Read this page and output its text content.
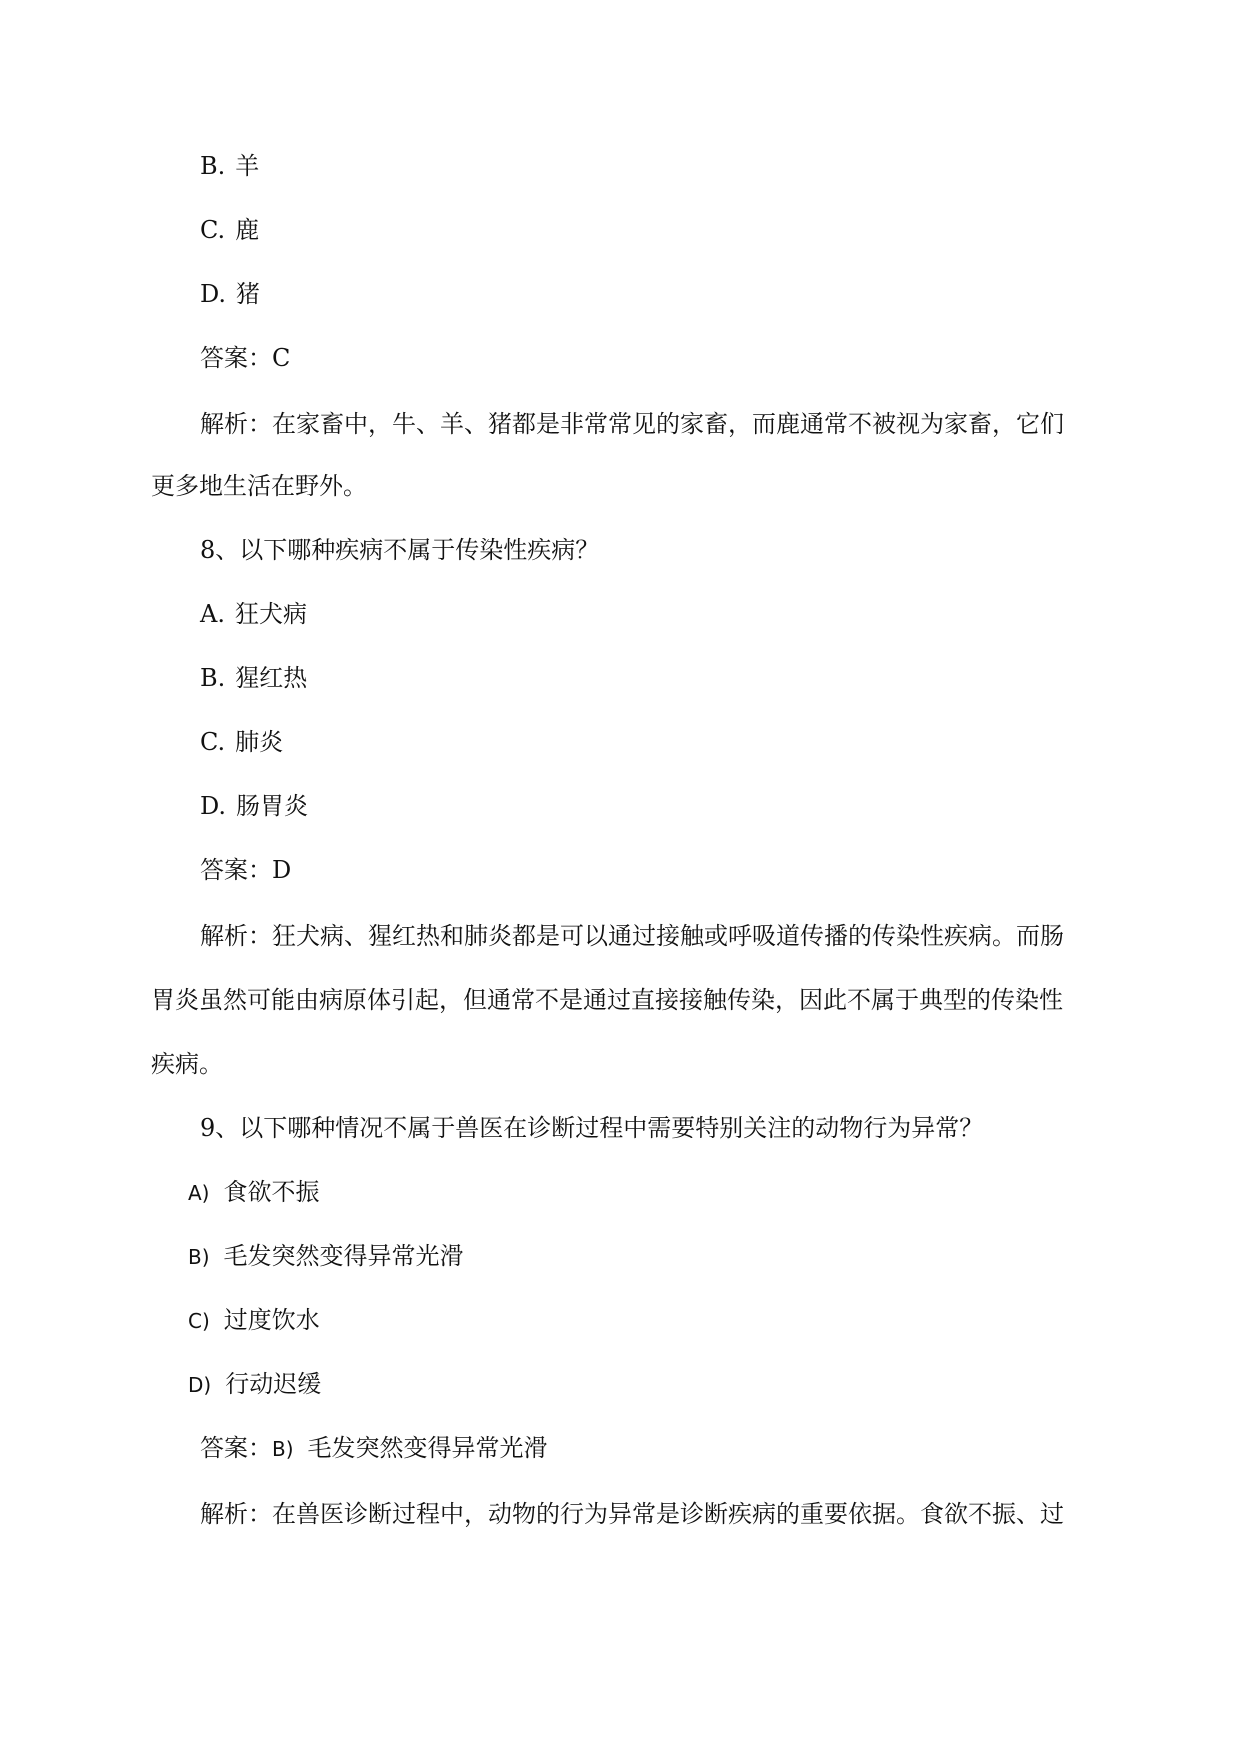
B. 羊
C. 鹿
D. 猪
答案：C
解析：在家畜中，牛、羊、猪都是非常常见的家畜，而鹿通常不被视为家畜，它们
更多地生活在野外。
8、以下哪种疾病不属于传染性疾病？
A. 狂犬病
B. 猩红热
C. 肺炎
D. 肠胃炎
答案：D
解析：狂犬病、猩红热和肺炎都是可以通过接触或呼吸道传播的传染性疾病。而肠
胃炎虽然可能由病原体引起，但通常不是通过直接接触传染，因此不属于典型的传染性
疾病。
9、以下哪种情况不属于兽医在诊断过程中需要特别关注的动物行为异常？
A) 食欲不振
B) 毛发突然变得异常光滑
C) 过度饮水
D) 行动迟缓
答案：B) 毛发突然变得异常光滑
解析：在兽医诊断过程中，动物的行为异常是诊断疾病的重要依据。食欲不振、过
